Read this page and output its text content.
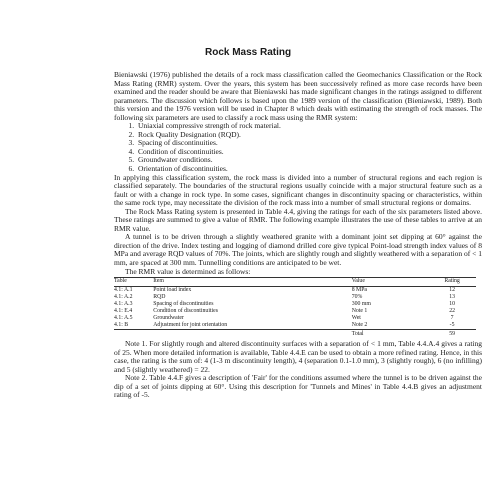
Rock Mass Rating

Bieniawski (1976) published the details of a rock mass classification called the Geomechanics Classification or the Rock Mass Rating (RMR) system. Over the years, this system has been successively refined as more case records have been examined and the reader should be aware that Bieniawski has made significant changes in the ratings assigned to different parameters. The discussion which follows is based upon the 1989 version of the classification (Bieniawski, 1989). Both this version and the 1976 version will be used in Chapter 8 which deals with estimating the strength of rock masses. The following six parameters are used to classify a rock mass using the RMR system:

1. Uniaxial compressive strength of rock material.
2. Rock Quality Designation (RQD).
3. Spacing of discontinuities.
4. Condition of discontinuities.
5. Groundwater conditions.
6. Orientation of discontinuities.

In applying this classification system, the rock mass is divided into a number of structural regions and each region is classified separately. The boundaries of the structural regions usually coincide with a major structural feature such as a fault or with a change in rock type. In some cases, significant changes in discontinuity spacing or characteristics, within the same rock type, may necessitate the division of the rock mass into a number of small structural regions or domains.

The Rock Mass Rating system is presented in Table 4.4, giving the ratings for each of the six parameters listed above. These ratings are summed to give a value of RMR. The following example illustrates the use of these tables to arrive at an RMR value.

A tunnel is to be driven through a slightly weathered granite with a dominant joint set dipping at 60° against the direction of the drive. Index testing and logging of diamond drilled core give typical Point-load strength index values of 8 MPa and average RQD values of 70%. The joints, which are slightly rough and slightly weathered with a separation of < 1 mm, are spaced at 300 mm. Tunnelling conditions are anticipated to be wet.

The RMR value is determined as follows:

Table	Item	Value	Rating
4.1: A.1	Point load index	8 MPa	12
4.1: A.2	RQD	70%	13
4.1: A.3	Spacing of discontinuities	300 mm	10
4.1: E.4	Condition of discontinuities	Note 1	22
4.1: A.5	Groundwater	Wet	7
4.1: B	Adjustment for joint orientation	Note 2	-5
		Total	59

Note 1. For slightly rough and altered discontinuity surfaces with a separation of < 1 mm, Table 4.4.A.4 gives a rating of 25. When more detailed information is available, Table 4.4.E can be used to obtain a more refined rating. Hence, in this case, the rating is the sum of: 4 (1-3 m discontinuity length), 4 (separation 0.1-1.0 mm), 3 (slightly rough), 6 (no infilling) and 5 (slightly weathered) = 22.

Note 2. Table 4.4.F gives a description of 'Fair' for the conditions assumed where the tunnel is to be driven against the dip of a set of joints dipping at 60°. Using this description for 'Tunnels and Mines' in Table 4.4.B gives an adjustment rating of -5.
